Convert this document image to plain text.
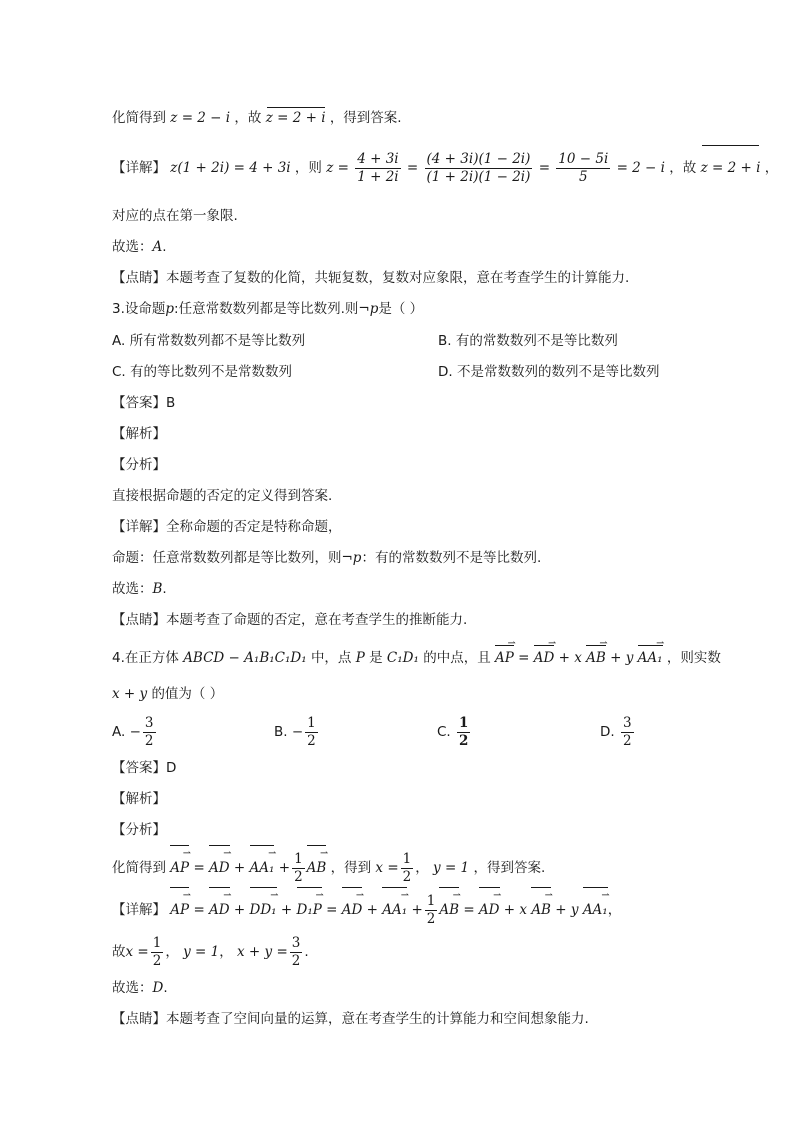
化简得到 z = 2 − i ，故 z = 2 + i ，得到答案.
【详解】 z(1 + 2i) = 4 + 3i ，则 $z = \frac{4 + 3i}{1 + 2i} = \frac{(4 + 3i)(1 - 2i)}{(1 + 2i)(1 - 2i)} = \frac{10 - 5i}{5} = 2 - i$ ，故 z = 2 + i ，
对应的点在第一象限.
故选：A.
【点睛】本题考查了复数的化简，共轭复数，复数对应象限，意在考查学生的计算能力.
3.设命题p:任意常数数列都是等比数列.则¬p是（ ）
A. 所有常数数列都不是等比数列	B. 有的常数数列不是等比数列
C. 有的等比数列不是常数数列	D. 不是常数数列的数列不是等比数列
【答案】B
【解析】
【分析】
直接根据命题的否定的定义得到答案.
【详解】全称命题的否定是特称命题，
命题：任意常数数列都是等比数列，则¬p：有的常数数列不是等比数列.
故选：B.
【点睛】本题考查了命题的否定，意在考查学生的推断能力.
4.在正方体 ABCD − A₁B₁C₁D₁ 中，点 P 是 C₁D₁ 的中点，且 AP ⇀ = AD ⇀ + x AB ⇀ + y AA₁ ⇀ ，则实数
x + y 的值为（ ）
A. − $\frac{3}{2}$	B. − $\frac{1}{2}$	C. $\frac{1}{2}$	D. $\frac{3}{2}$
【答案】D
【解析】
【分析】
化简得到 AP ⇀ = AD ⇀ + AA₁ ⇀ + $\frac{1}{2}$ AB ⇀ ，得到 $x = \frac{1}{2}$ ， y = 1 ，得到答案.
【详解】 AP ⇀ = AD ⇀ + DD₁ ⇀ + D₁P ⇀ = AD ⇀ + AA₁ ⇀ + $\frac{1}{2}$ AB ⇀ = AD ⇀ + x AB ⇀ + y AA₁ ⇀，
故$x = \frac{1}{2}$ ， y = 1， $x + y = \frac{3}{2}$ .
故选：D.
【点睛】本题考查了空间向量的运算，意在考查学生的计算能力和空间想象能力.
